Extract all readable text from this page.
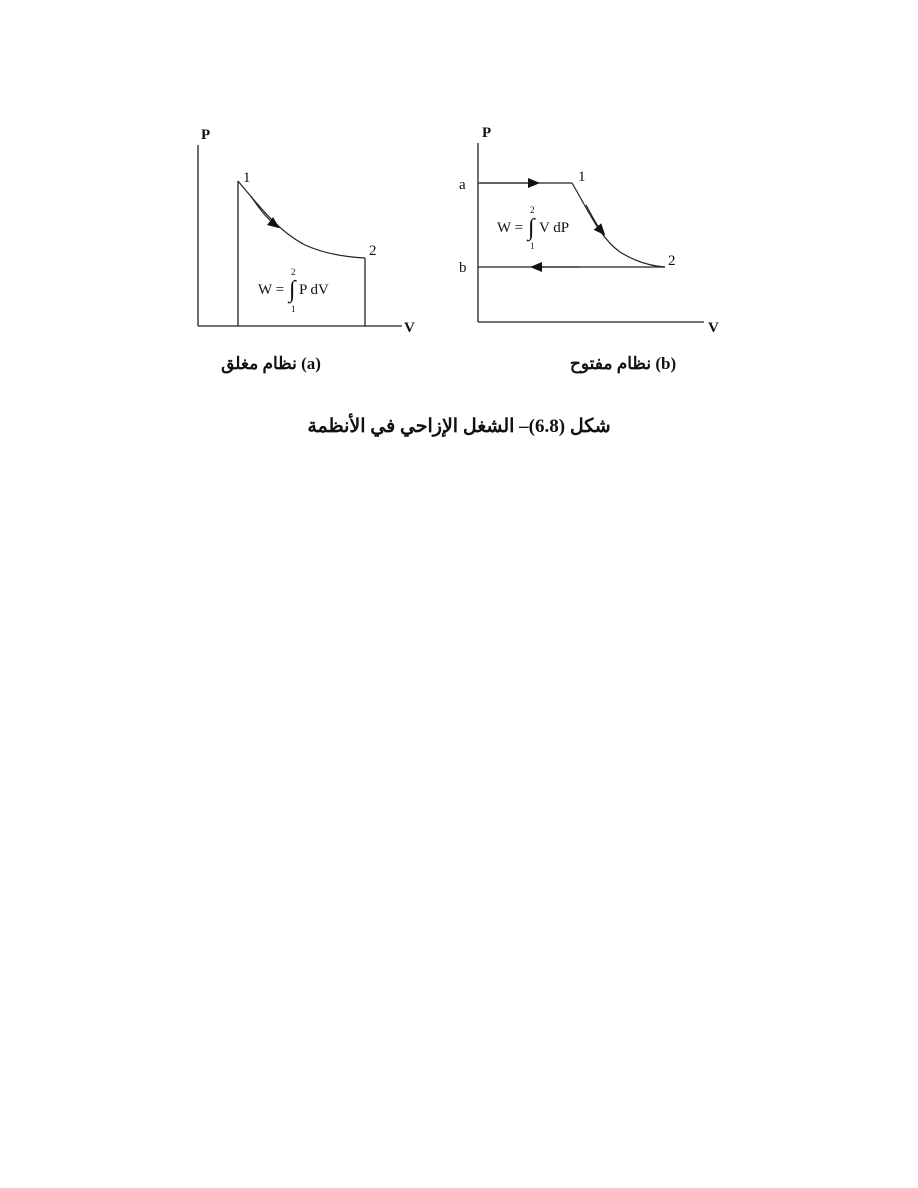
P
V
1
2
W = ∫
2
1
P dV
(a) نظام مغلق
P
V
a
b
1
2
W = ∫
2
1
V dP
(b) نظام مفتوح
شكل (6.8)– الشغل الإزاحي في الأنظمة
